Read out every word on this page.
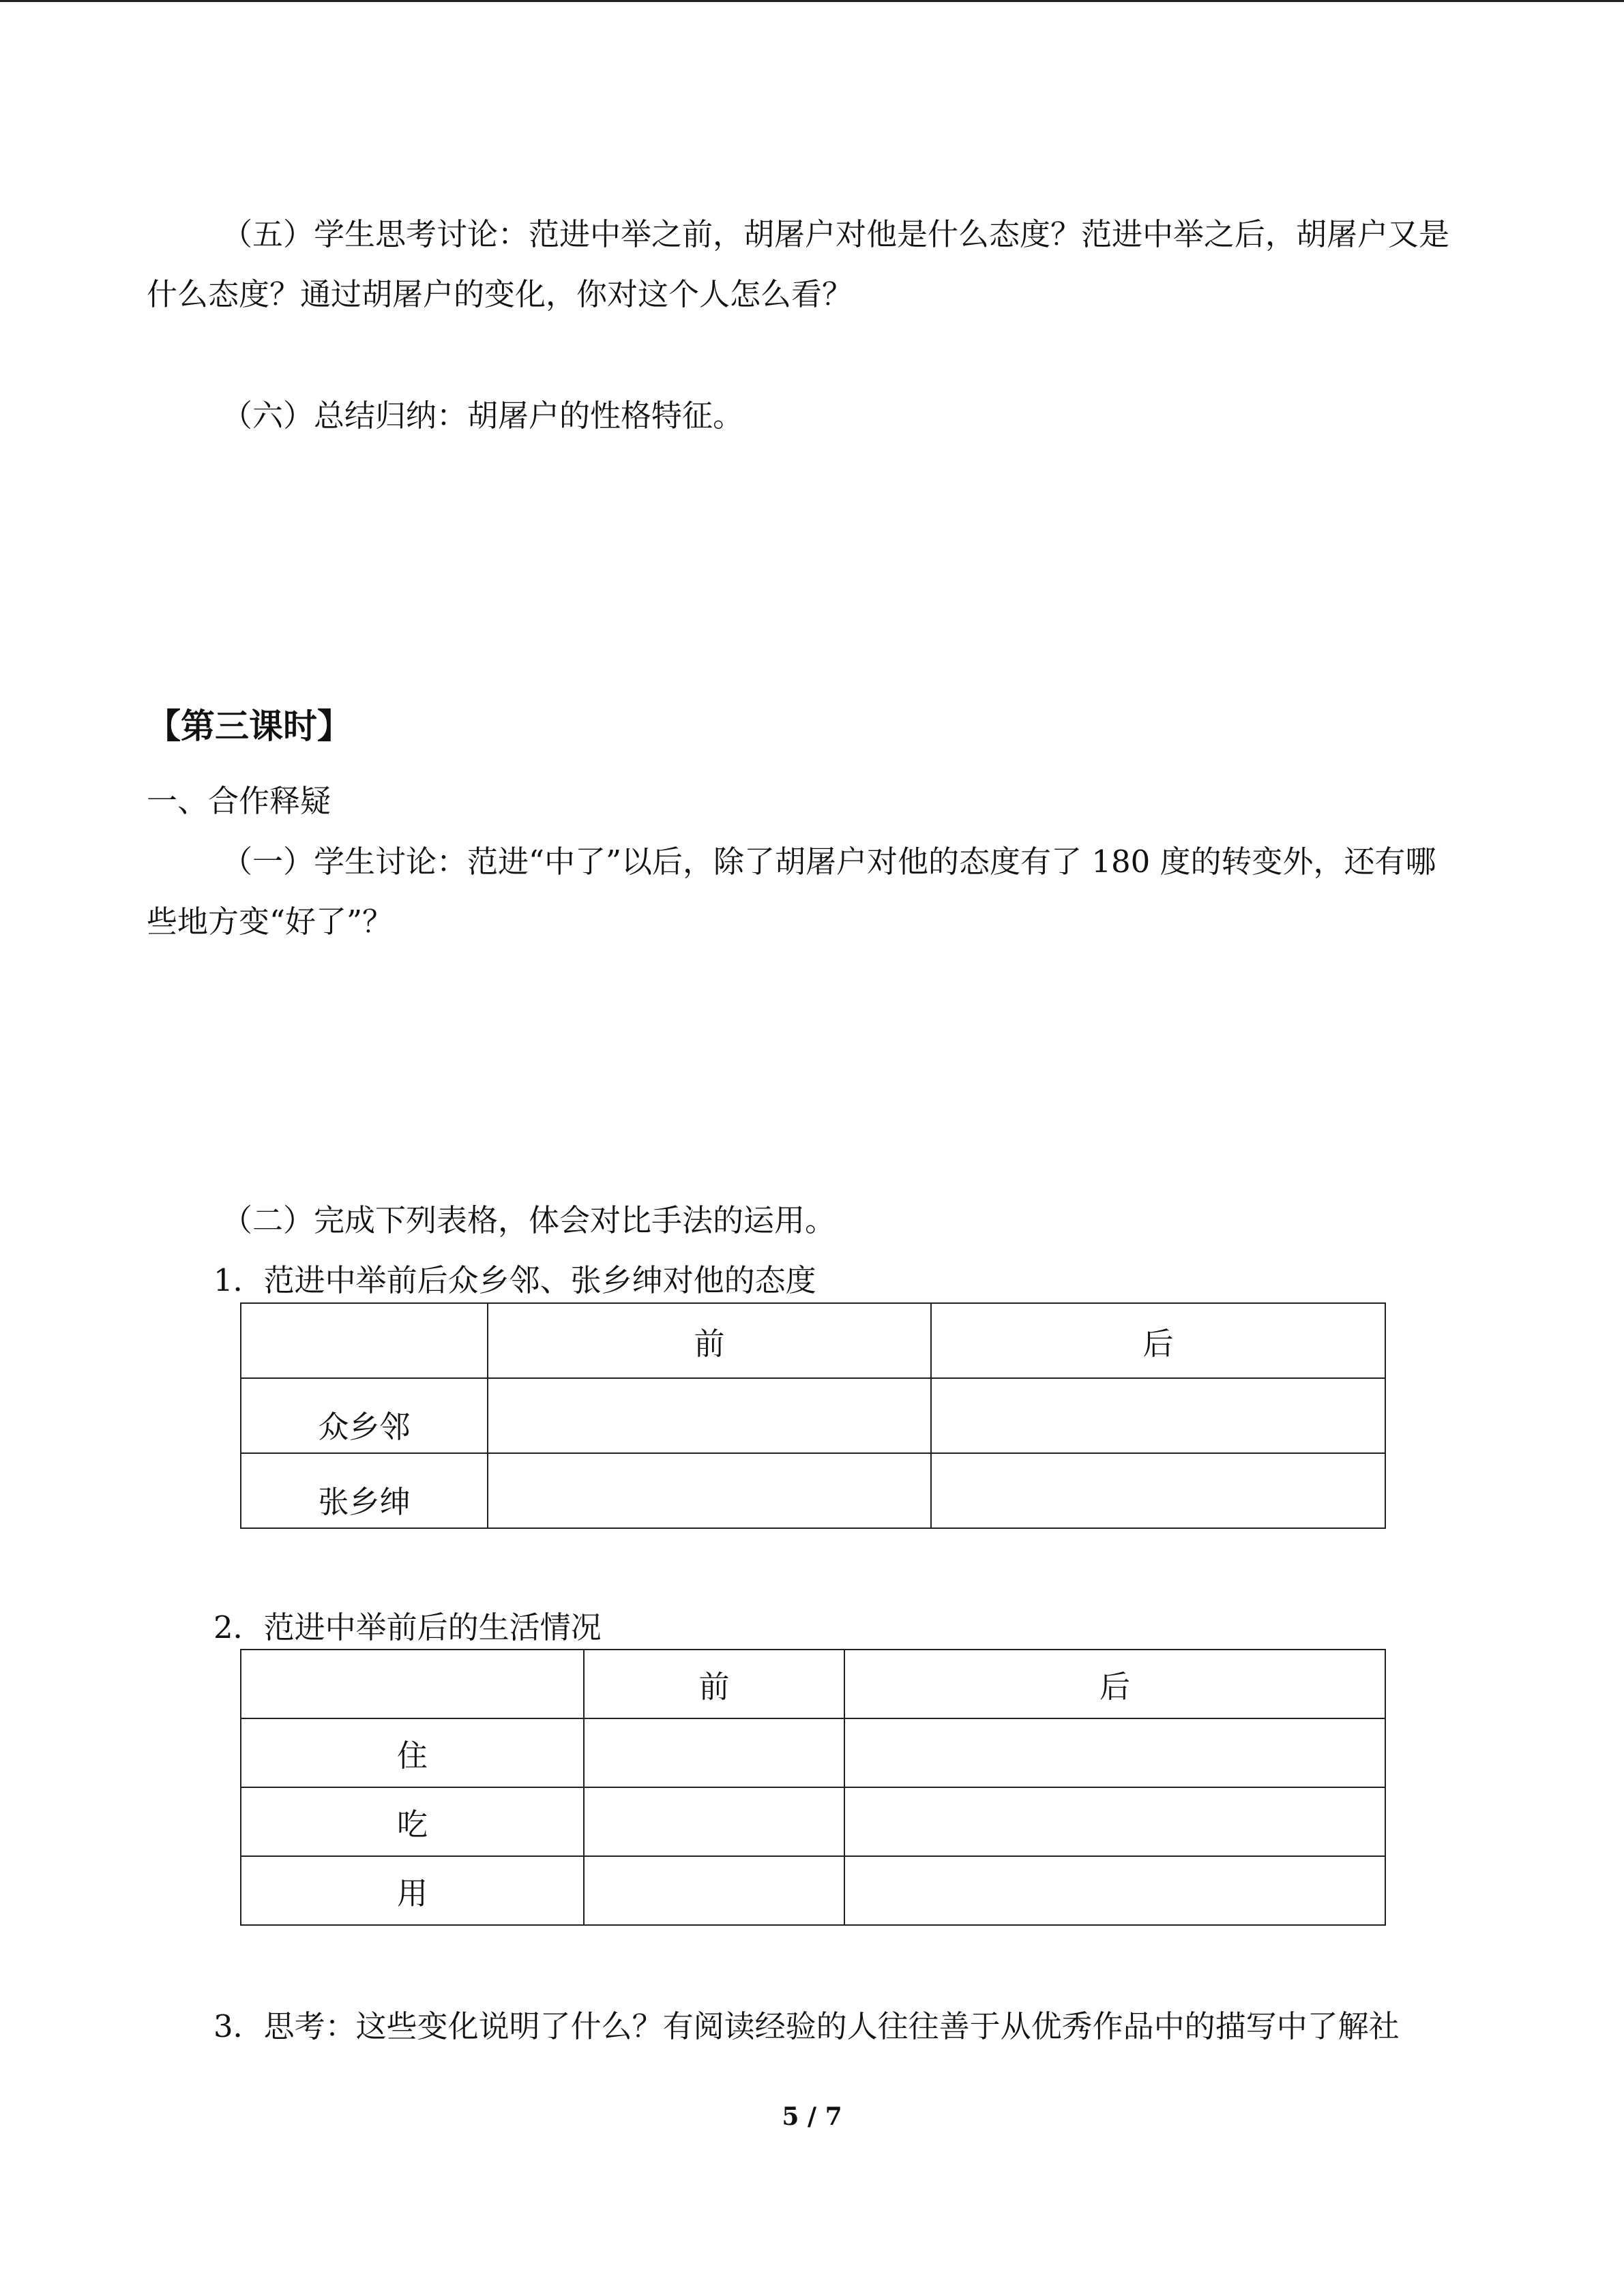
（五）学生思考讨论：范进中举之前，胡屠户对他是什么态度？范进中举之后，胡屠户又是什么态度？通过胡屠户的变化，你对这个人怎么看？

（六）总结归纳：胡屠户的性格特征。

【第三课时】

一、合作释疑

（一）学生讨论：范进“中了”以后，除了胡屠户对他的态度有了 180 度的转变外，还有哪些地方变“好了”？

（二）完成下列表格，体会对比手法的运用。

1．范进中举前后众乡邻、张乡绅对他的态度

	前	后
众乡邻		
张乡绅		

2．范进中举前后的生活情况

	前	后
住		
吃		
用		

3．思考：这些变化说明了什么？有阅读经验的人往往善于从优秀作品中的描写中了解社

5 / 7
